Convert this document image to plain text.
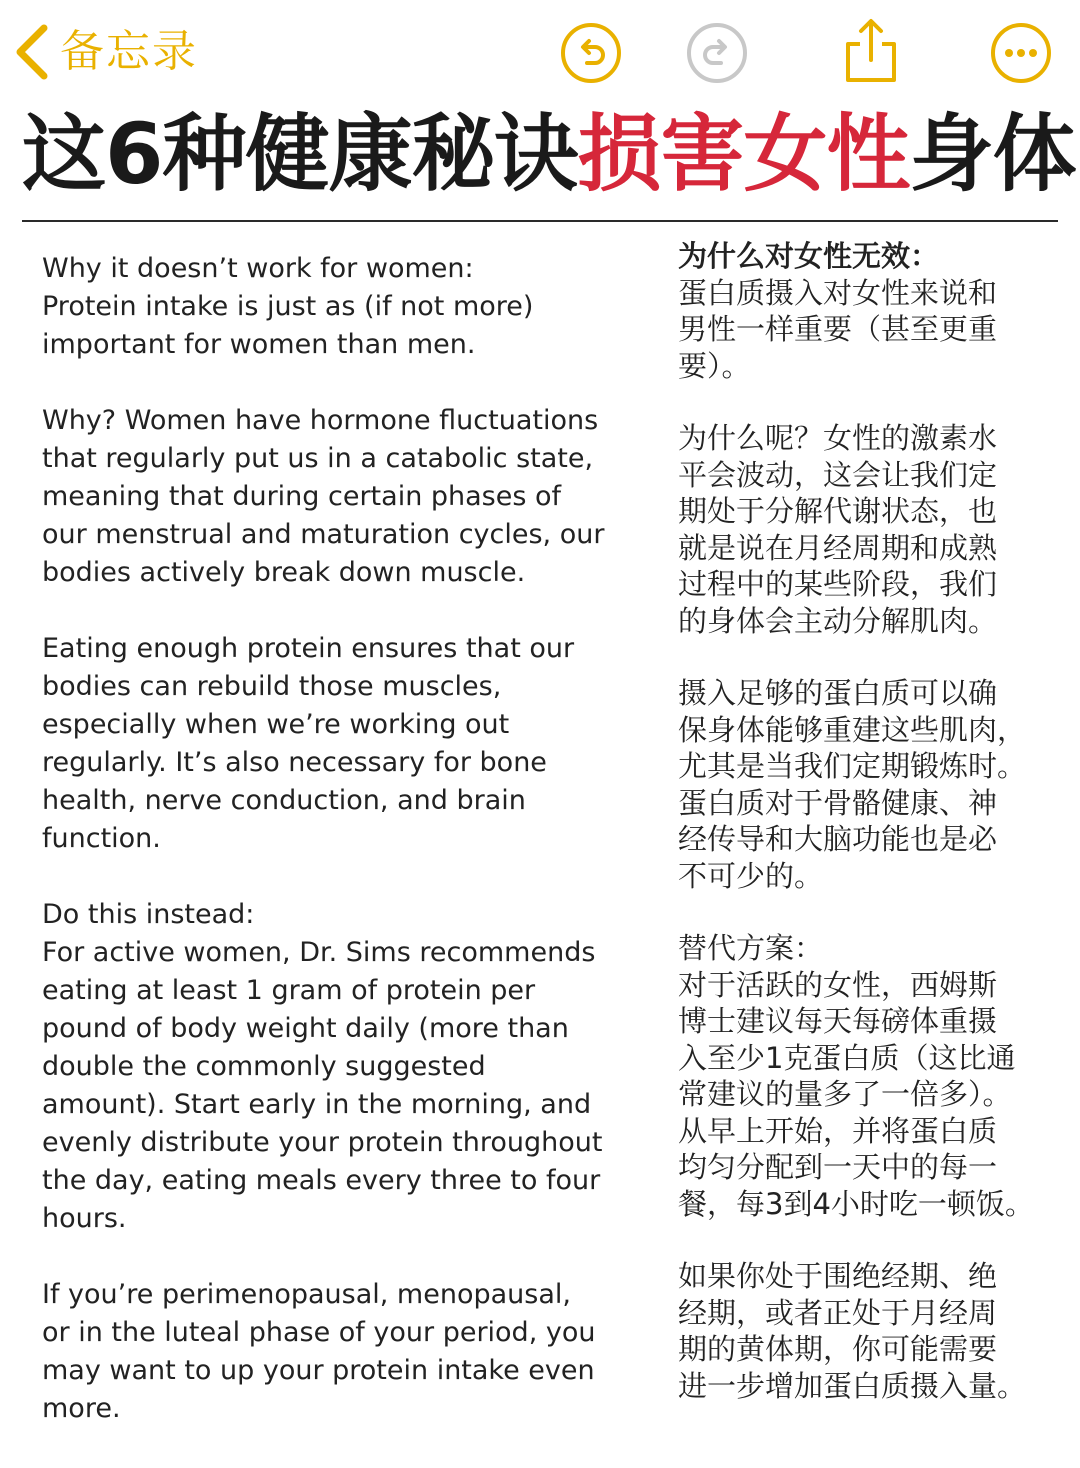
备忘录
这6种健康秘诀损害女性身体

Why it doesn’t work for women:
Protein intake is just as (if not more)
important for women than men.

Why? Women have hormone fluctuations
that regularly put us in a catabolic state,
meaning that during certain phases of
our menstrual and maturation cycles, our
bodies actively break down muscle.

Eating enough protein ensures that our
bodies can rebuild those muscles,
especially when we’re working out
regularly. It’s also necessary for bone
health, nerve conduction, and brain
function.

Do this instead:
For active women, Dr. Sims recommends
eating at least 1 gram of protein per
pound of body weight daily (more than
double the commonly suggested
amount). Start early in the morning, and
evenly distribute your protein throughout
the day, eating meals every three to four
hours.

If you’re perimenopausal, menopausal,
or in the luteal phase of your period, you
may want to up your protein intake even
more.

为什么对女性无效：

蛋白质摄入对女性来说和
男性一样重要（甚至更重
要）。

为什么呢？女性的激素水
平会波动，这会让我们定
期处于分解代谢状态，也
就是说在月经周期和成熟
过程中的某些阶段，我们
的身体会主动分解肌肉。

摄入足够的蛋白质可以确
保身体能够重建这些肌肉，
尤其是当我们定期锻炼时。
蛋白质对于骨骼健康、神
经传导和大脑功能也是必
不可少的。

替代方案：
对于活跃的女性，西姆斯
博士建议每天每磅体重摄
入至少1克蛋白质（这比通
常建议的量多了一倍多）。
从早上开始，并将蛋白质
均匀分配到一天中的每一
餐，每3到4小时吃一顿饭。

如果你处于围绝经期、绝
经期，或者正处于月经周
期的黄体期，你可能需要
进一步增加蛋白质摄入量。
